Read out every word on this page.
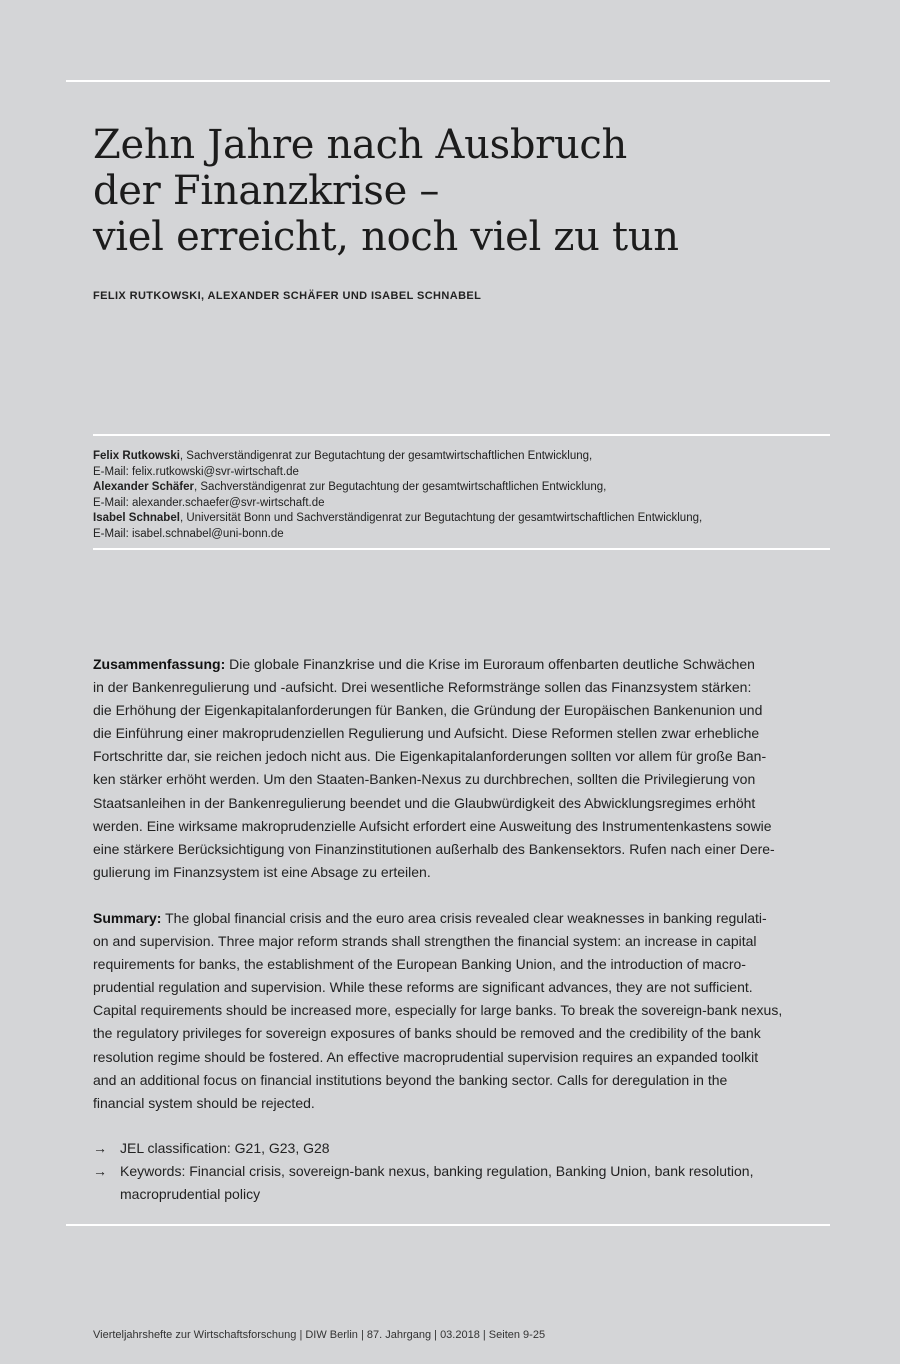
Zehn Jahre nach Ausbruch
der Finanzkrise –
viel erreicht, noch viel zu tun
FELIX RUTKOWSKI, ALEXANDER SCHÄFER UND ISABEL SCHNABEL
Felix Rutkowski, Sachverständigenrat zur Begutachtung der gesamtwirtschaftlichen Entwicklung,
E-Mail: felix.rutkowski@svr-wirtschaft.de
Alexander Schäfer, Sachverständigenrat zur Begutachtung der gesamtwirtschaftlichen Entwicklung,
E-Mail: alexander.schaefer@svr-wirtschaft.de
Isabel Schnabel, Universität Bonn und Sachverständigenrat zur Begutachtung der gesamtwirtschaftlichen Entwicklung,
E-Mail: isabel.schnabel@uni-bonn.de
Zusammenfassung: Die globale Finanzkrise und die Krise im Euroraum offenbarten deutliche Schwächen
in der Bankenregulierung und -aufsicht. Drei wesentliche Reformstränge sollen das Finanzsystem stärken:
die Erhöhung der Eigenkapitalanforderungen für Banken, die Gründung der Europäischen Bankenunion und
die Einführung einer makroprudenziellen Regulierung und Aufsicht. Diese Reformen stellen zwar erhebliche
Fortschritte dar, sie reichen jedoch nicht aus. Die Eigenkapitalanforderungen sollten vor allem für große Ban-
ken stärker erhöht werden. Um den Staaten-Banken-Nexus zu durchbrechen, sollten die Privilegierung von
Staatsanleihen in der Bankenregulierung beendet und die Glaubwürdigkeit des Abwicklungsregimes erhöht
werden. Eine wirksame makroprudenzielle Aufsicht erfordert eine Ausweitung des Instrumentenkastens sowie
eine stärkere Berücksichtigung von Finanzinstitutionen außerhalb des Bankensektors. Rufen nach einer Dere-
gulierung im Finanzsystem ist eine Absage zu erteilen.
Summary: The global financial crisis and the euro area crisis revealed clear weaknesses in banking regulati-
on and supervision. Three major reform strands shall strengthen the financial system: an increase in capital
requirements for banks, the establishment of the European Banking Union, and the introduction of macro-
prudential regulation and supervision. While these reforms are significant advances, they are not sufficient.
Capital requirements should be increased more, especially for large banks. To break the sovereign-bank nexus,
the regulatory privileges for sovereign exposures of banks should be removed and the credibility of the bank
resolution regime should be fostered. An effective macroprudential supervision requires an expanded toolkit
and an additional focus on financial institutions beyond the banking sector. Calls for deregulation in the
financial system should be rejected.
→ JEL classification: G21, G23, G28
→ Keywords: Financial crisis, sovereign-bank nexus, banking regulation, Banking Union, bank resolution,
macroprudential policy
Vierteljahrshefte zur Wirtschaftsforschung | DIW Berlin | 87. Jahrgang | 03.2018 | Seiten 9-25
